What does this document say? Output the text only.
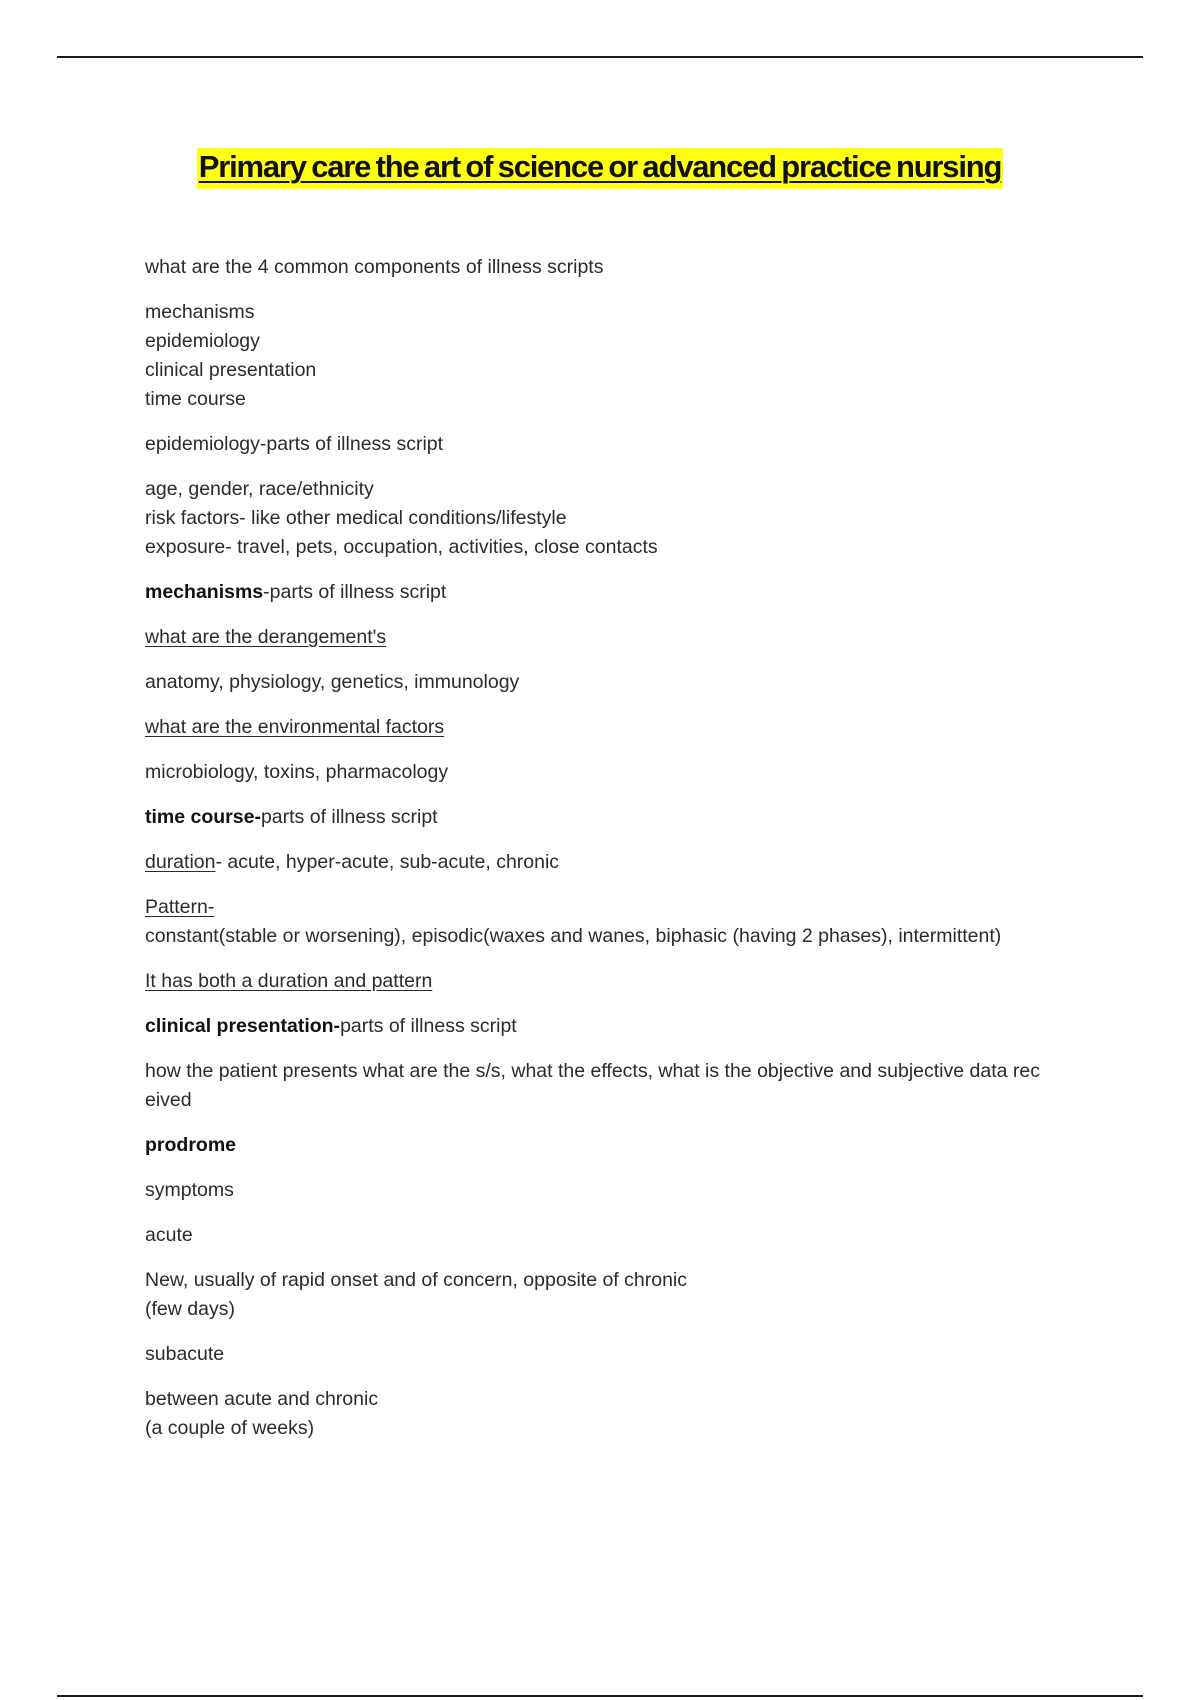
Primary care the art of science or advanced practice nursing
what are the 4 common components of illness scripts
mechanisms
epidemiology
clinical presentation
time course
epidemiology-parts of illness script
age, gender, race/ethnicity
risk factors- like other medical conditions/lifestyle
exposure- travel, pets, occupation, activities, close contacts
mechanisms-parts of illness script
what are the derangement's
anatomy, physiology, genetics, immunology
what are the environmental factors
microbiology, toxins, pharmacology
time course-parts of illness script
duration- acute, hyper-acute, sub-acute, chronic
Pattern-
constant(stable or worsening), episodic(waxes and wanes, biphasic (having 2 phases), intermittent)
It has both a duration and pattern
clinical presentation-parts of illness script
how the patient presents what are the s/s, what the effects, what is the objective and subjective data rec
eived
prodrome
symptoms
acute
New, usually of rapid onset and of concern, opposite of chronic
(few days)
subacute
between acute and chronic
(a couple of weeks)
